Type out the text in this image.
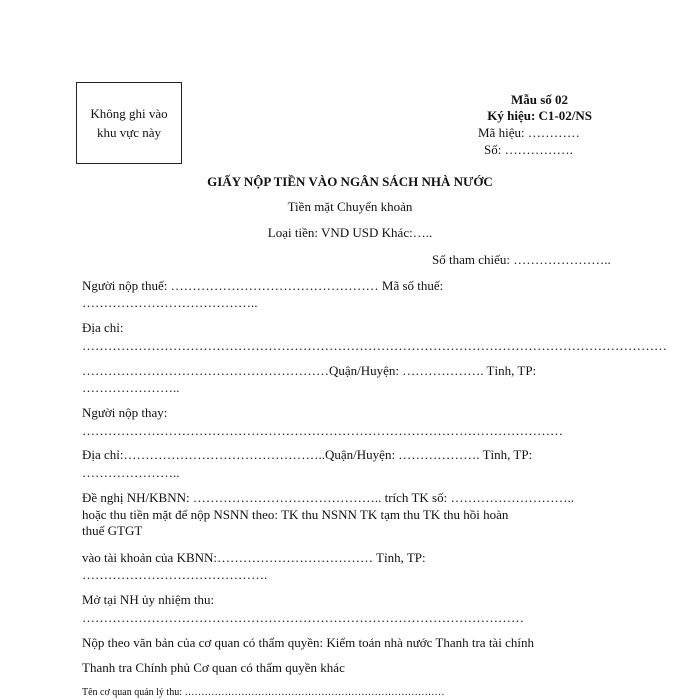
Không ghi vào
khu vực này
Mẫu số 02
Ký hiệu: C1-02/NS
Mã hiệu: …………
Số: …………….
GIẤY NỘP TIỀN VÀO NGÂN SÁCH NHÀ NƯỚC
Tiền mặt Chuyển khoản
Loại tiền: VND USD Khác:…..
Số tham chiếu: …………………..
Người nộp thuế: ………………………………………… Mã số thuế:
…………………………………..
Địa chỉ:
………………………………………………………………………………………………………………………
…………………………………………………Quận/Huyện: ………………. Tỉnh, TP:
…………………..
Người nộp thay:
…………………………………………………………………………………………………
Địa chỉ:………………………………………..Quận/Huyện: ………………. Tỉnh, TP:
…………………..
Đề nghị NH/KBNN: …………………………………….. trích TK số: ………………………..
hoặc thu tiền mặt để nộp NSNN theo: TK thu NSNN TK tạm thu TK thu hồi hoàn
thuế GTGT
vào tài khoản của KBNN:……………………………… Tỉnh, TP:
…………………………………….
Mở tại NH ủy nhiệm thu:
…………………………………………………………………………………………
Nộp theo văn bản của cơ quan có thẩm quyền: Kiểm toán nhà nước Thanh tra tài chính
Thanh tra Chính phủ Cơ quan có thẩm quyền khác
Tên cơ quan quản lý thu: ……………………………………………………………………
